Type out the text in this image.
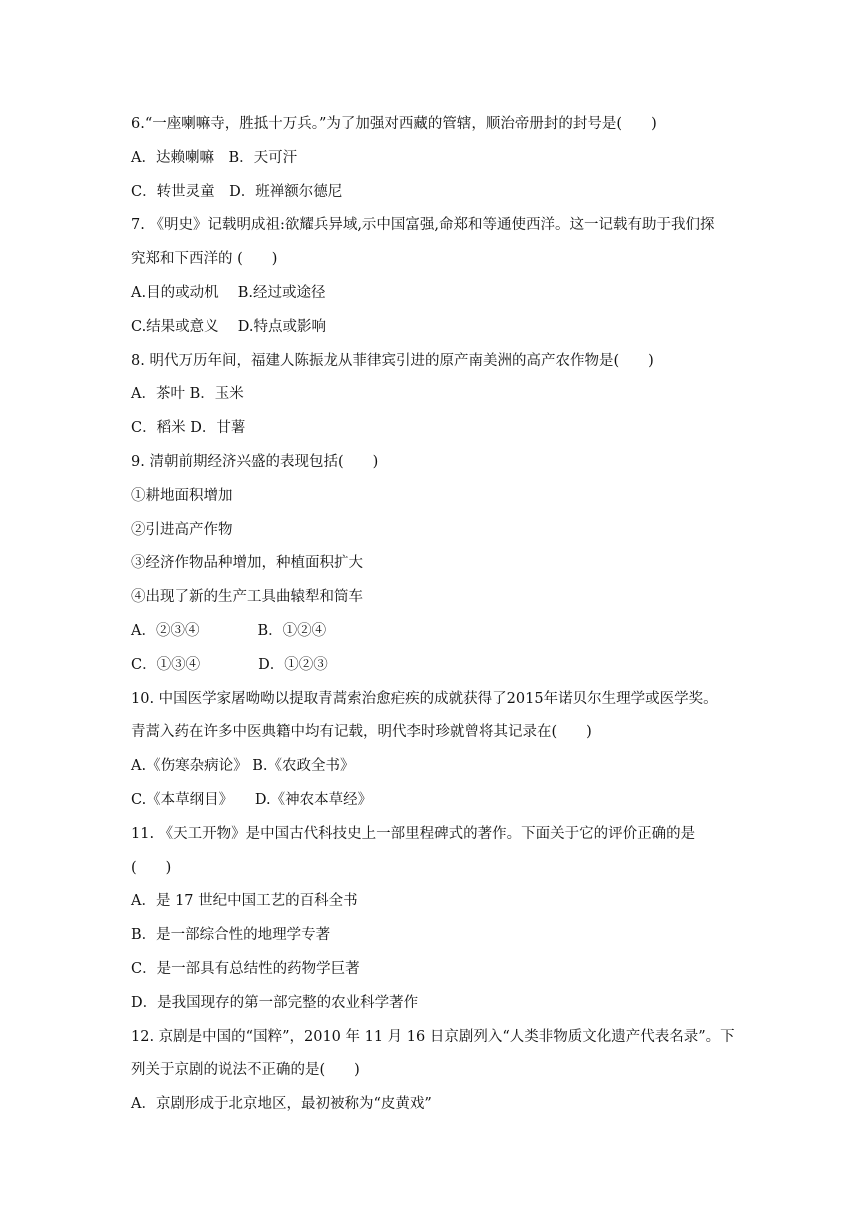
6.“一座喇嘛寺，胜抵十万兵。”为了加强对西藏的管辖，顺治帝册封的封号是(　　)
A．达赖喇嘛　B．天可汗
C．转世灵童　D．班禅额尔德尼
7. 《明史》记载明成祖:欲耀兵异域,示中国富强,命郑和等通使西洋。这一记载有助于我们探
究郑和下西洋的 (　　)
A.目的或动机　 B.经过或途径
C.结果或意义　 D.特点或影响
8. 明代万历年间，福建人陈振龙从菲律宾引进的原产南美洲的高产农作物是(　　)
A．茶叶 B．玉米
C．稻米 D．甘薯
9. 清朝前期经济兴盛的表现包括(　　)
①耕地面积增加
②引进高产作物
③经济作物品种增加，种植面积扩大
④出现了新的生产工具曲辕犁和筒车
A．②③④　　　　B．①②④
C．①③④　　　　D．①②③
10. 中国医学家屠呦呦以提取青蒿索治愈疟疾的成就获得了2015年诺贝尔生理学或医学奖。
青蒿入药在许多中医典籍中均有记载，明代李时珍就曾将其记录在(　　)
A.《伤寒杂病论》 B.《农政全书》
C.《本草纲目》　　D.《神农本草经》
11. 《天工开物》是中国古代科技史上一部里程碑式的著作。下面关于它的评价正确的是
(　　)
A．是 17 世纪中国工艺的百科全书
B．是一部综合性的地理学专著
C．是一部具有总结性的药物学巨著
D．是我国现存的第一部完整的农业科学著作
12. 京剧是中国的“国粹”，2010 年 11 月 16 日京剧列入“人类非物质文化遗产代表名录”。下
列关于京剧的说法不正确的是(　　)
A．京剧形成于北京地区，最初被称为“皮黄戏”
